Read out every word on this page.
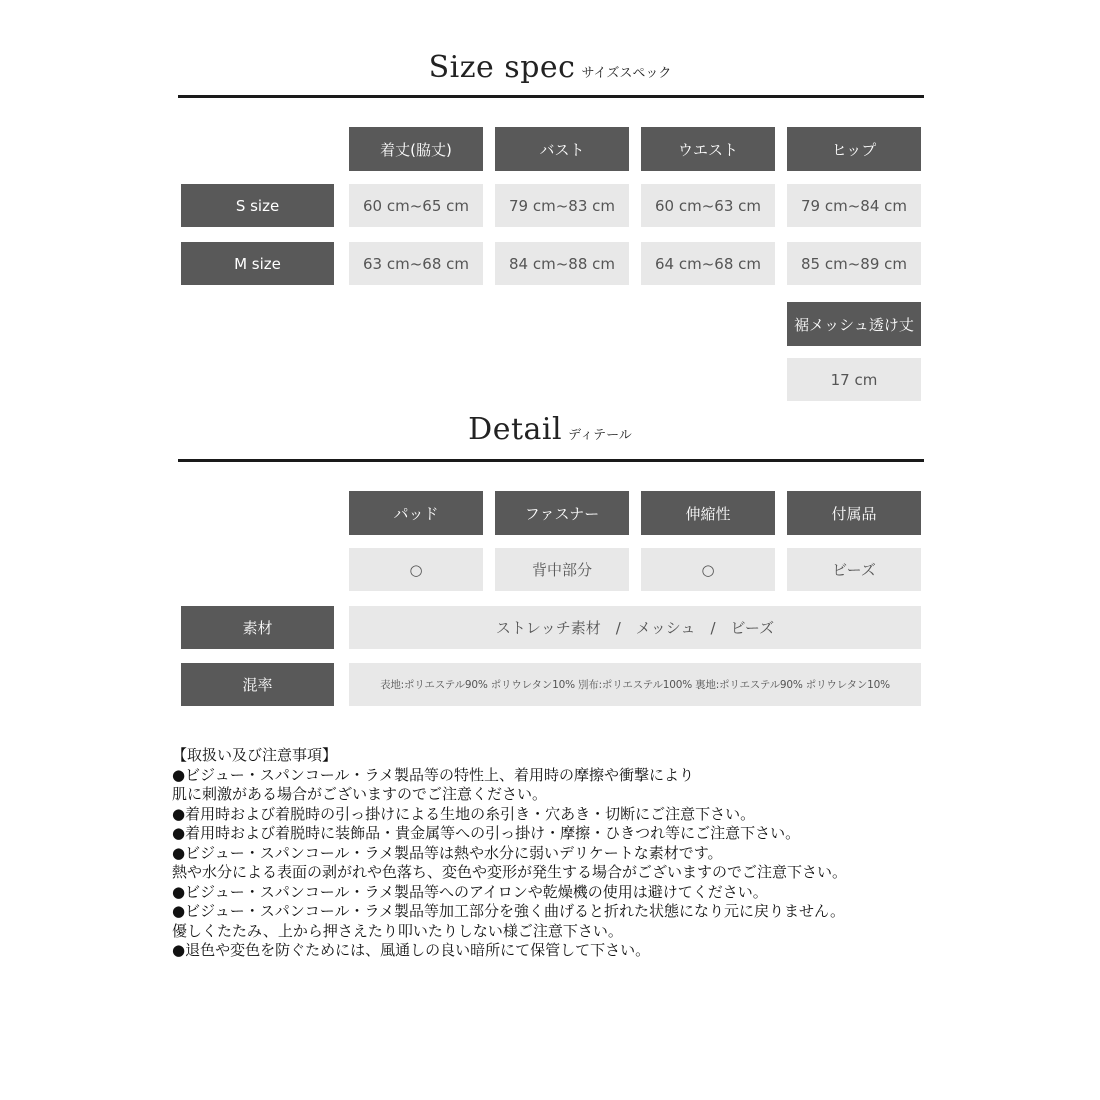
Size spec サイズスペック
着丈(脇丈)	バスト	ウエスト	ヒップ
S size	60 cm~65 cm	79 cm~83 cm	60 cm~63 cm	79 cm~84 cm
M size	63 cm~68 cm	84 cm~88 cm	64 cm~68 cm	85 cm~89 cm
裾メッシュ透け丈
17 cm
Detail ディテール
パッド	ファスナー	伸縮性	付属品
○	背中部分	○	ビーズ
素材	ストレッチ素材　/　メッシュ　/　ビーズ
混率	表地:ポリエステル90% ポリウレタン10% 別布:ポリエステル100% 裏地:ポリエステル90% ポリウレタン10%
【取扱い及び注意事項】
●ビジュー・スパンコール・ラメ製品等の特性上、着用時の摩擦や衝撃により
肌に刺激がある場合がございますのでご注意ください。
●着用時および着脱時の引っ掛けによる生地の糸引き・穴あき・切断にご注意下さい。
●着用時および着脱時に装飾品・貴金属等への引っ掛け・摩擦・ひきつれ等にご注意下さい。
●ビジュー・スパンコール・ラメ製品等は熱や水分に弱いデリケートな素材です。
熱や水分による表面の剥がれや色落ち、変色や変形が発生する場合がございますのでご注意下さい。
●ビジュー・スパンコール・ラメ製品等へのアイロンや乾燥機の使用は避けてください。
●ビジュー・スパンコール・ラメ製品等加工部分を強く曲げると折れた状態になり元に戻りません。
優しくたたみ、上から押さえたり叩いたりしない様ご注意下さい。
●退色や変色を防ぐためには、風通しの良い暗所にて保管して下さい。
